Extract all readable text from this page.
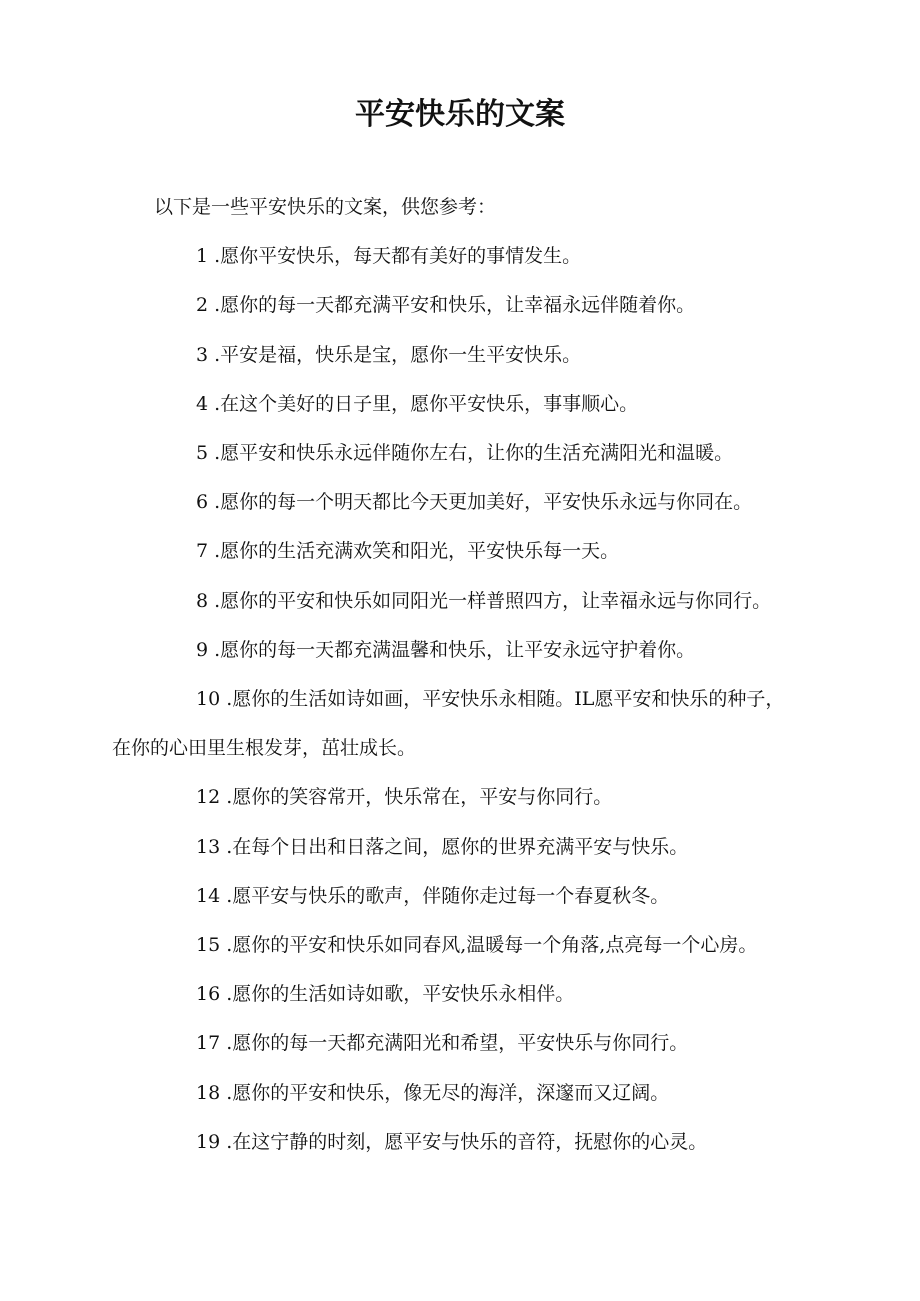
平安快乐的文案

以下是一些平安快乐的文案，供您参考：

1 . 愿你平安快乐，每天都有美好的事情发生。

2 . 愿你的每一天都充满平安和快乐，让幸福永远伴随着你。

3 . 平安是福，快乐是宝，愿你一生平安快乐。

4 . 在这个美好的日子里，愿你平安快乐，事事顺心。

5 . 愿平安和快乐永远伴随你左右，让你的生活充满阳光和温暖。

6 . 愿你的每一个明天都比今天更加美好，平安快乐永远与你同在。

7 . 愿你的生活充满欢笑和阳光，平安快乐每一天。

8 . 愿你的平安和快乐如同阳光一样普照四方，让幸福永远与你同行。

9 . 愿你的每一天都充满温馨和快乐，让平安永远守护着你。

10 . 愿你的生活如诗如画，平安快乐永相随。IL愿平安和快乐的种子，在你的心田里生根发芽，茁壮成长。

12 . 愿你的笑容常开，快乐常在，平安与你同行。

13 . 在每个日出和日落之间，愿你的世界充满平安与快乐。

14 . 愿平安与快乐的歌声，伴随你走过每一个春夏秋冬。

15 . 愿你的平安和快乐如同春风,温暖每一个角落,点亮每一个心房。

16 . 愿你的生活如诗如歌，平安快乐永相伴。

17 . 愿你的每一天都充满阳光和希望，平安快乐与你同行。

18 . 愿你的平安和快乐，像无尽的海洋，深邃而又辽阔。

19 . 在这宁静的时刻，愿平安与快乐的音符，抚慰你的心灵。
